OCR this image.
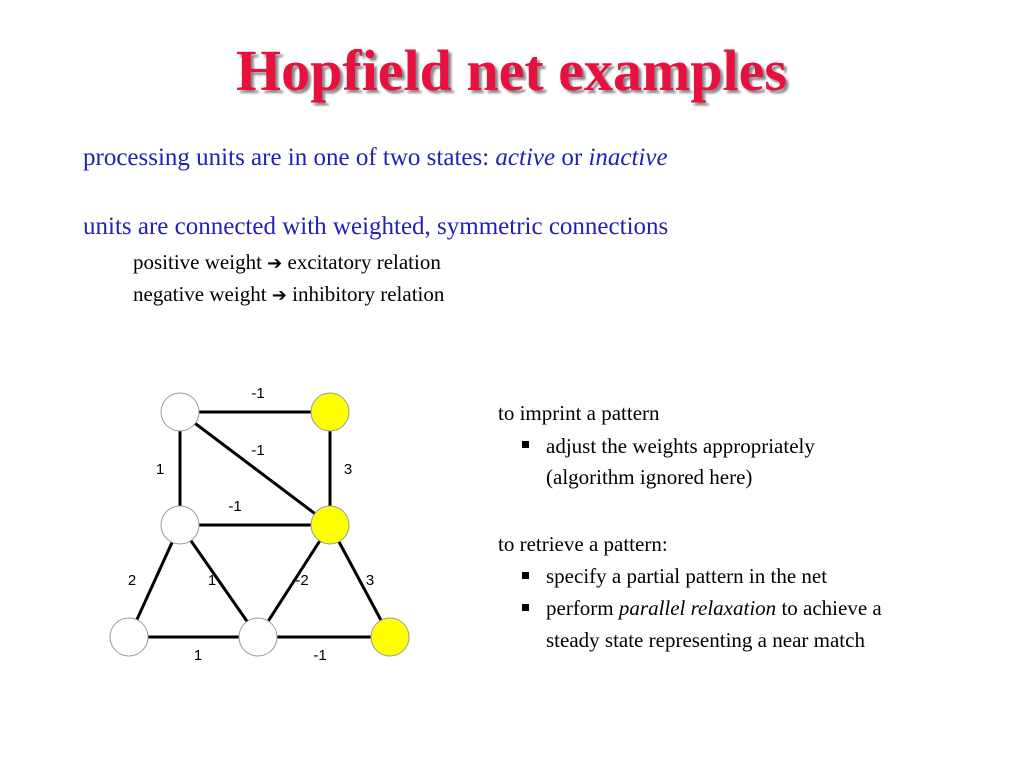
Hopfield net examples
processing units are in one of two states: active or inactive
units are connected with weighted, symmetric connections
positive weight ➔ excitatory relation
negative weight ➔ inhibitory relation
-1
-1
1	3
-1
2	1	-2	3
1	-1
to imprint a pattern
adjust the weights appropriately
(algorithm ignored here)
to retrieve a pattern:
specify a partial pattern in the net
perform parallel relaxation to achieve a
steady state representing a near match
